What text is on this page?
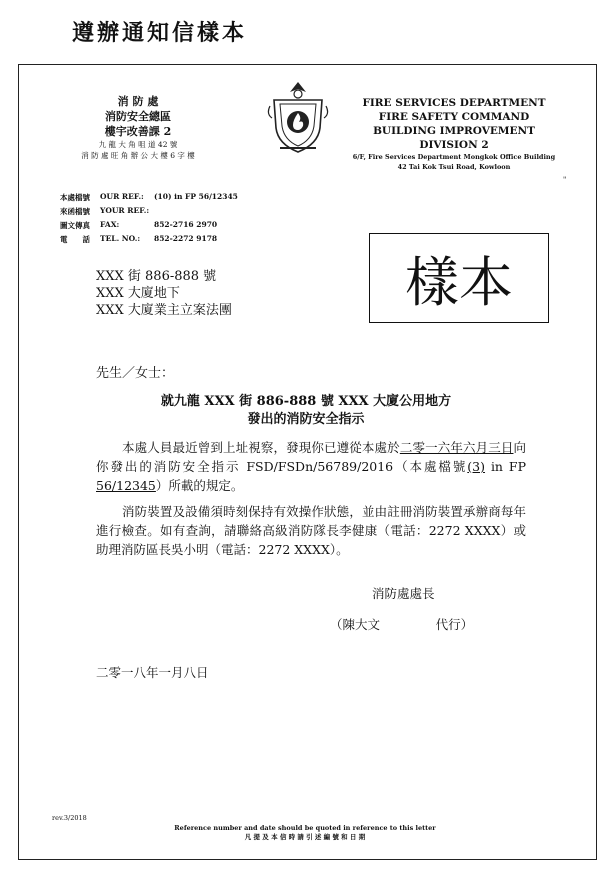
遵辦通知信樣本
消 防 處
消防安全總區
樓宇改善課 2
九 龍 大 角 咀 道 42 號
消 防 處 旺 角 辦 公 大 樓 6 字 樓
FIRE SERVICES DEPARTMENT
FIRE SAFETY COMMAND
BUILDING IMPROVEMENT DIVISION 2
6/F, Fire Services Department Mongkok Office Building
42 Tai Kok Tsui Road, Kowloon
"
本處檔號	OUR REF.:	(10) in FP 56/12345
來函檔號	YOUR REF.:
圖文傳真	FAX:	852-2716 2970
電　　話	TEL. NO.:	852-2272 9178
XXX 街 886-888 號
XXX 大廈地下
XXX 大廈業主立案法團	樣本
先生／女士：
就九龍 XXX 街 886-888 號 XXX 大廈公用地方
發出的消防安全指示
本處人員最近曾到上址視察，發現你已遵從本處於二零一六年六月三日向你發出的消防安全指示 FSD/FSDn/56789/2016（本處檔號(3) in FP 56/12345）所載的規定。
消防裝置及設備須時刻保持有效操作狀態，並由註冊消防裝置承辦商每年進行檢查。如有查詢，請聯絡高級消防隊長李健康（電話：2272 XXXX）或助理消防區長吳小明（電話：2272 XXXX）。
消防處處長
（陳大文              代行）
二零一八年一月八日
rev.3/2018
Reference number and date should be quoted in reference to this letter
凡 提 及 本 信 時 請 引 述 編 號 和 日 期
